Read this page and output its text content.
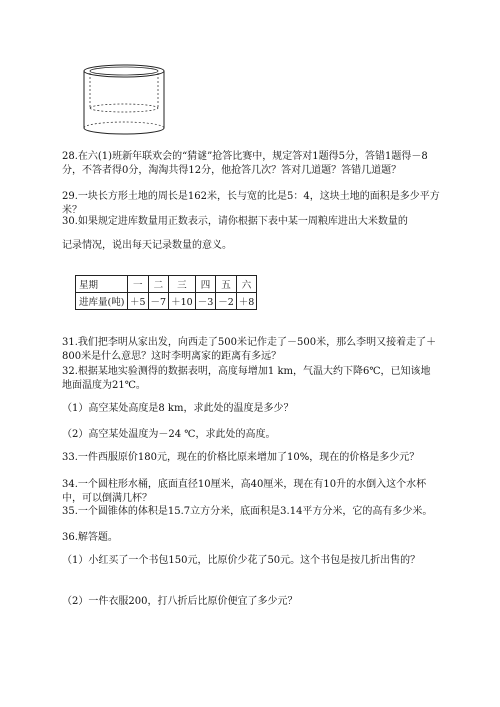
28.在六(1)班新年联欢会的“猜谜”抢答比赛中，规定答对1题得5分，答错1题得－8分，不答者得0分，淘淘共得12分，他抢答几次？答对几道题？答错几道题？
29.一块长方形土地的周长是162米，长与宽的比是5：4，这块土地的面积是多少平方米？
30.如果规定进库数量用正数表示，请你根据下表中某一周粮库进出大米数量的
记录情况，说出每天记录数量的意义。
星期	一	二	三	四	五	六
进库量(吨)	＋5	－7	＋10	－3	－2	＋8
31.我们把李明从家出发，向西走了500米记作走了－500米，那么李明又接着走了＋800米是什么意思？这时李明离家的距离有多远？
32.根据某地实验测得的数据表明，高度每增加1 km，气温大约下降6℃，已知该地地面温度为21℃。
（1）高空某处高度是8 km，求此处的温度是多少？
（2）高空某处温度为－24 ℃，求此处的高度。
33.一件西服原价180元，现在的价格比原来增加了10%，现在的价格是多少元？
34.一个圆柱形水桶，底面直径10厘米，高40厘米，现在有10升的水倒入这个水杯中，可以倒满几杯？
35.一个圆锥体的体积是15.7立方分米，底面积是3.14平方分米，它的高有多少米。
36.解答题。
（1）小红买了一个书包150元，比原价少花了50元。这个书包是按几折出售的？
（2）一件衣服200，打八折后比原价便宜了多少元？
